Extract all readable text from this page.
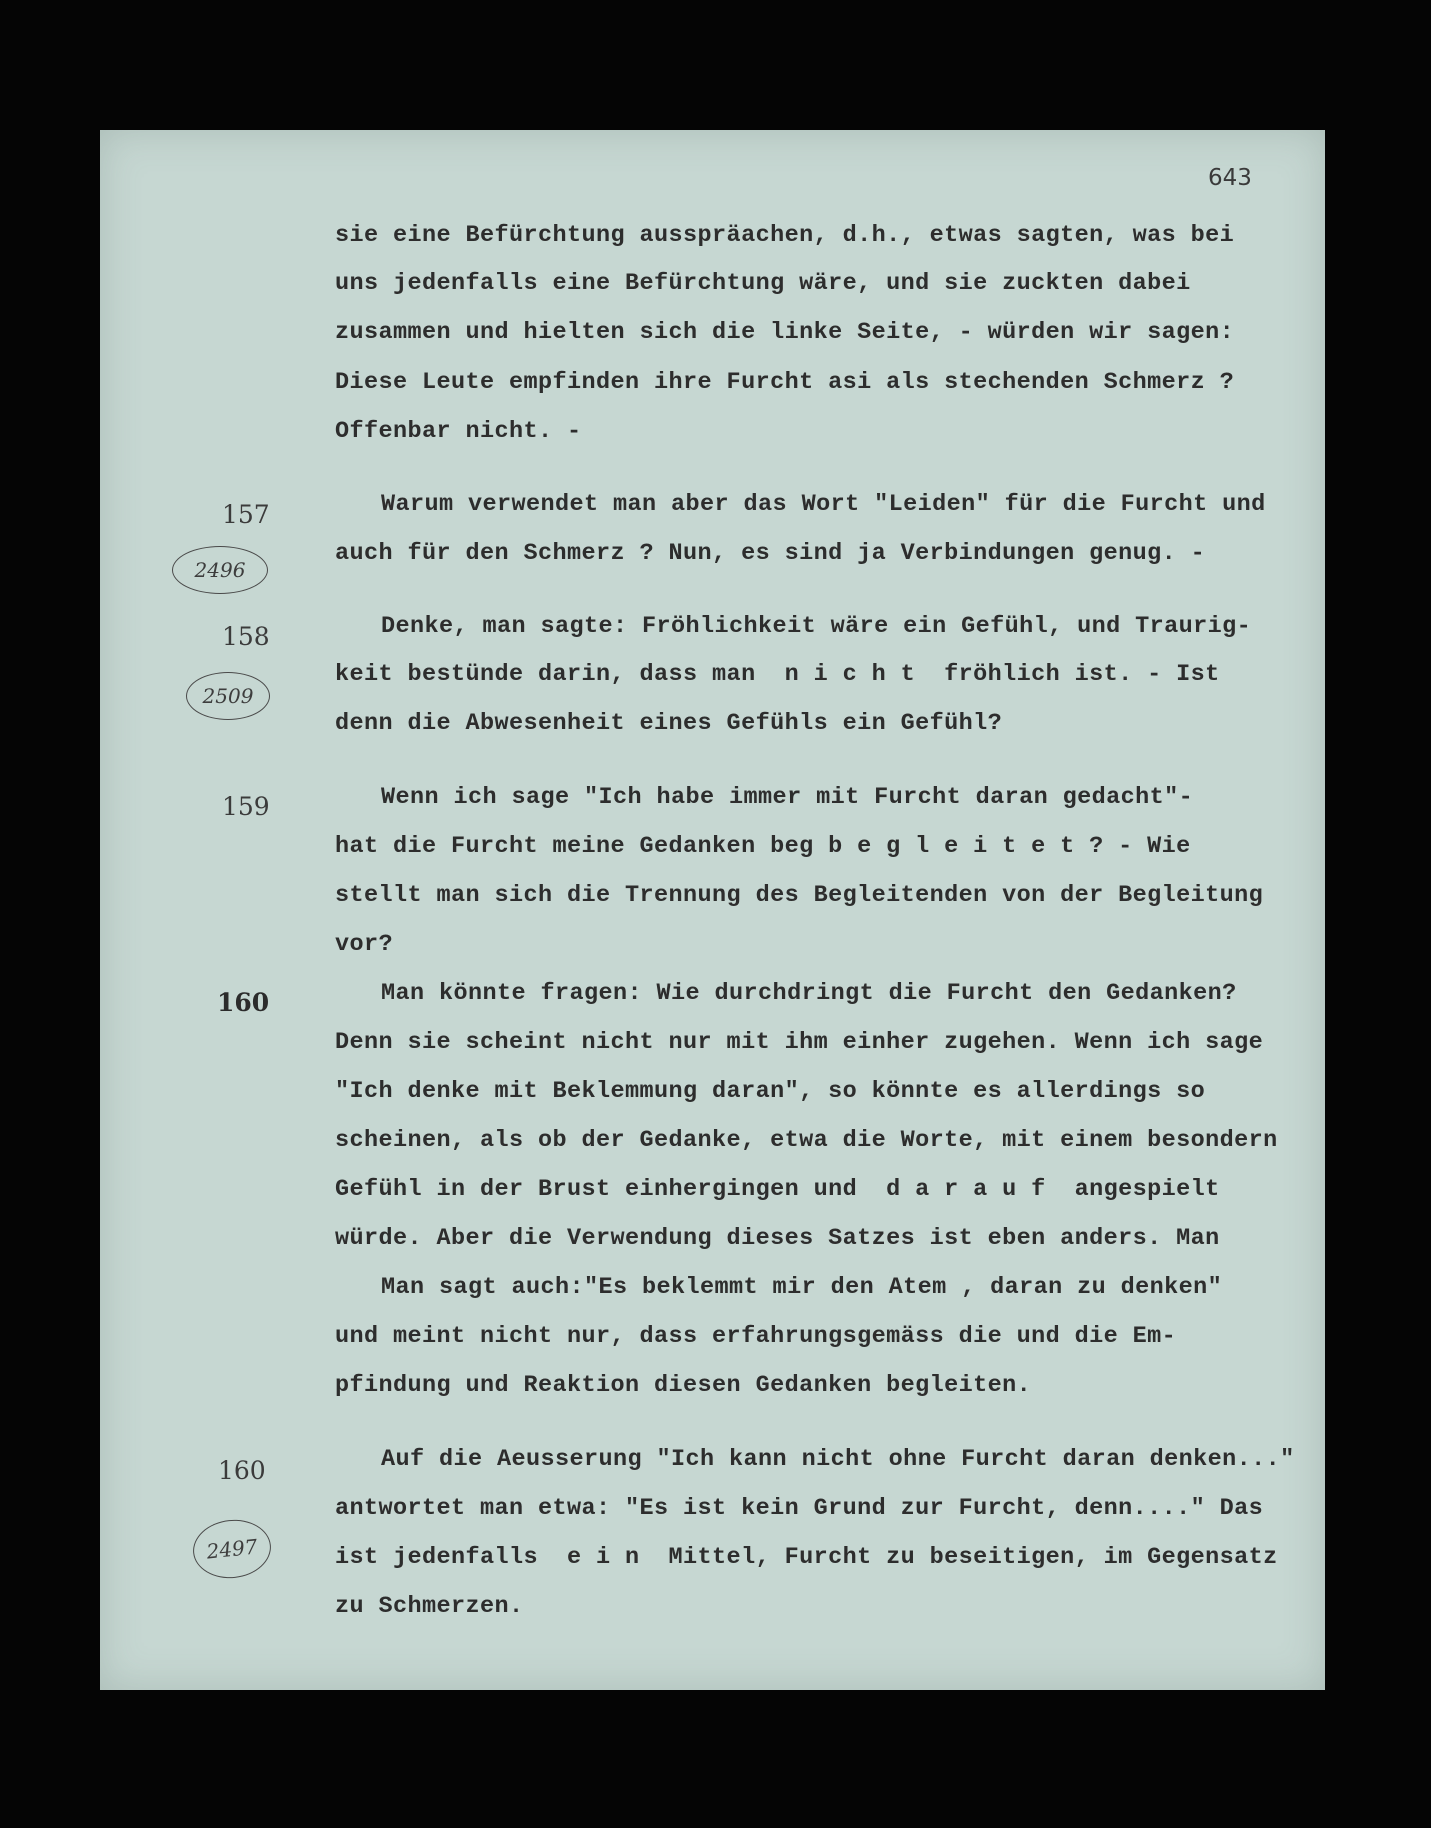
643
sie eine Befürchtung ausspräachen, d.h., etwas sagten, was bei
uns jedenfalls eine Befürchtung wäre, und sie zuckten dabei
zusammen und hielten sich die linke Seite, - würden wir sagen:
Diese Leute empfinden ihre Furcht asi als stechenden Schmerz ?
Offenbar nicht. -
157
2496
Warum verwendet man aber das Wort "Leiden" für die Furcht und
auch für den Schmerz ? Nun, es sind ja Verbindungen genug. -
158
2509
Denke, man sagte: Fröhlichkeit wäre ein Gefühl, und Traurig-
keit bestünde darin, dass man  n i c h t  fröhlich ist. - Ist
denn die Abwesenheit eines Gefühls ein Gefühl?
159	Wenn ich sage "Ich habe immer mit Furcht daran gedacht"-
hat die Furcht meine Gedanken beg b e g l e i t e t ? - Wie
stellt man sich die Trennung des Begleitenden von der Begleitung
vor?
160	Man könnte fragen: Wie durchdringt die Furcht den Gedanken?
Denn sie scheint nicht nur mit ihm einher zugehen. Wenn ich sage
"Ich denke mit Beklemmung daran", so könnte es allerdings so
scheinen, als ob der Gedanke, etwa die Worte, mit einem besondern
Gefühl in der Brust einhergingen und  d a r a u f  angespielt
würde. Aber die Verwendung dieses Satzes ist eben anders. Man
Man sagt auch:"Es beklemmt mir den Atem , daran zu denken"
und meint nicht nur, dass erfahrungsgemäss die und die Em-
pfindung und Reaktion diesen Gedanken begleiten.
160
2497
Auf die Aeusserung "Ich kann nicht ohne Furcht daran denken..."
antwortet man etwa: "Es ist kein Grund zur Furcht, denn...." Das
ist jedenfalls  e i n  Mittel, Furcht zu beseitigen, im Gegensatz
zu Schmerzen.
